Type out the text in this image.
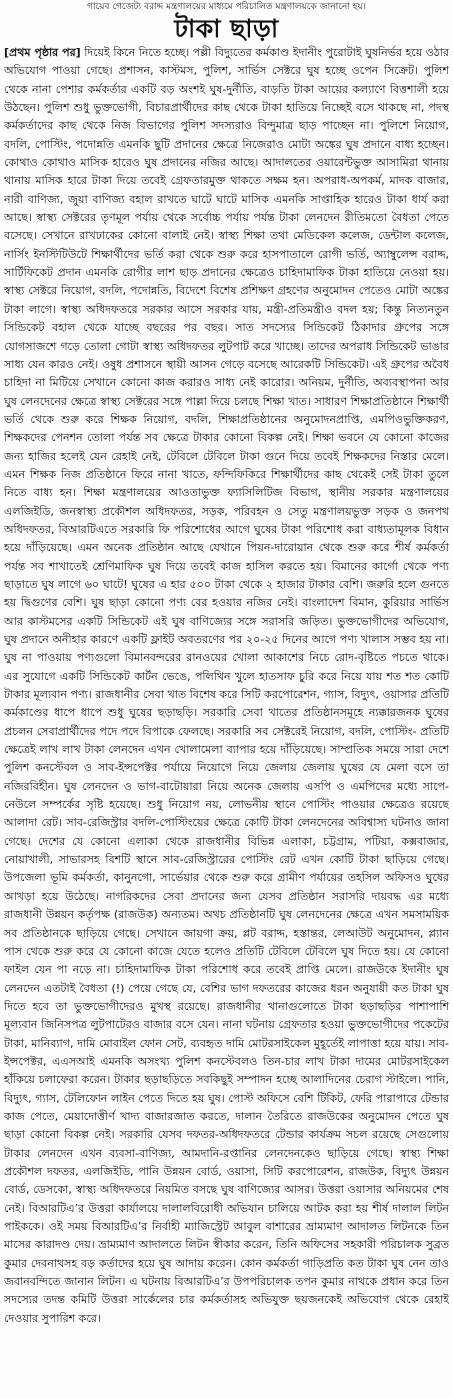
গায়েব গেজেট্য বরাদ্দ মন্ত্রণালয়ের মাধ্যমে পরিচালিত মন্ত্রণালয়কে জানানো হয়।
টাকা ছাড়া

[প্রথম পৃষ্ঠার পর] দিয়েই কিনে নিতে হচ্ছে। পল্লী বিদ্যুতের কর্মকাণ্ড ইদানীং পুরোটাই ঘুষনির্ভর হয়ে ওঠার অভিযোগ পাওয়া গেছে। প্রশাসন, কাস্টমস, পুলিশ, সার্ভিস সেক্টরে ঘুষ হচ্ছে ওপেন সিক্রেট। পুলিশ থেকে নানা পেশার কর্মকর্তার একটি বড় অংশই ঘুষ-দুর্নীতি, বাড়তি টাকা আয়ের কল্যাণে বিত্তশালী হয়ে উঠছেন। পুলিশ শুধু ভুক্তভোগী, বিচারপ্রার্থীদের কাছ থেকে টাকা হাতিয়ে নিচ্ছেই বসে থাকছে না, পদস্থ কর্মকর্তাদের কাছ থেকে নিজ বিভাগের পুলিশ সদস্যরাও বিন্দুমাত্র ছাড় পাচ্ছেন না। পুলিশে নিয়োগ, বদলি, পোস্টিং, পদোন্নতি এমনকি ছুটি প্রদানের ক্ষেত্রে নিজেরাও মোটা অঙ্কের ঘুষ প্রদানে বাধ্য হচ্ছেন। কোথাও কোথাও মাসিক হারেও ঘুষ প্রদানের নজির আছে। আদালতের ওয়ারেন্টভুক্ত আসামিরা থানায় থানায় মাসিক হারে টাকা দিয়ে তবেই গ্রেফতারমুক্ত থাকতে সক্ষম হন। অপরাধ-অপকর্ম, মাদক বাজার, নারী বাণিজ্য, জুয়া বাণিজ্য বহাল রাখতে ঘাটে ঘাটে মাসিক এমনকি সাপ্তাহিক হারেও টাকা ধার্য করা আছে। স্বাস্থ্য সেক্টরের তৃণমূল পর্যায় থেকে সর্বোচ্চ পর্যায় পর্যন্ত টাকা লেনদেন রীতিমতো বৈধতা পেতে বসেছে। সেখানে রাখঢাকের কোনো বালাই নেই। স্বাস্থ্য শিক্ষা তথা মেডিকেল কলেজ, ডেন্টাল কলেজ, নার্সিং ইনস্টিটিউটে শিক্ষার্থীদের ভর্তি করা থেকে শুরু করে হাসপাতালে রোগী ভর্তি, অ্যাম্বুলেন্স বরাদ্দ, সার্টিফিকেট প্রদান এমনকি রোগীর লাশ ছাড় প্রদানের ক্ষেত্রেও চাহিদামাফিক টাকা হাতিয়ে নেওয়া হয়। স্বাস্থ্য সেক্টরে নিয়োগ, বদলি, পদোন্নতি, বিদেশে বিশেষ প্রশিক্ষণ গ্রহণের অনুমোদন পেতেও মোটা অঙ্কের টাকা লাগে। স্বাস্থ্য অধিদফতরে সরকার আসে সরকার যায়, মন্ত্রী-প্রতিমন্ত্রীও বদল হয়; কিন্তু নিত্যনতুন সিন্ডিকেট বহাল থেকে যাচ্ছে বছরের পর বছর। সাত সদস্যের সিন্ডিকেট ঠিকাদার গ্রুপের সঙ্গে যোগসাজশে গড়ে তোলা গোটা স্বাস্থ্য অধিদফতর লুটপাট করে খাচ্ছে। তাদের অপরাধ সিন্ডিকেট ভাঙার সাধ্য যেন কারও নেই। ওষুধ প্রশাসনে স্থায়ী আসন গেড়ে বসেছে আরেকটি সিন্ডিকেট। এই গ্রুপের অবৈধ চাহিদা না মিটিয়ে সেখানে কোনো কাজ করারও সাধ্য নেই কারোর। অনিয়ম, দুর্নীতি, অব্যবস্থাপনা আর ঘুষ লেনদেনের ক্ষেত্রে স্বাস্থ্য সেক্টরের সঙ্গে পাল্লা দিয়ে চলছে শিক্ষা খাত। সাধারণ শিক্ষাপ্রতিষ্ঠানে শিক্ষার্থী ভর্তি থেকে শুরু করে শিক্ষক নিয়োগ, বদলি, শিক্ষাপ্রতিষ্ঠানের অনুমোদনপ্রাপ্তি, এমপিওভুক্তিকরণ, শিক্ষকদের পেনশন তোলা পর্যন্ত সব ক্ষেত্রে টাকার কোনো বিকল্প নেই। শিক্ষা ভবনে যে কোনো কাজের জন্য হাজির হলেই যেন রেহাই নেই, টেবিলে টেবিলে টাকা গুনে দিয়ে তবেই শিক্ষকদের নিস্তার মেলে। এমন শিক্ষক নিজ প্রতিষ্ঠানে ফিরে নানা খাতে, ফন্দিফিকিরে শিক্ষার্থীদের কাছ থেকেই সেই টাকা তুলে নিতে বাধ্য হন। শিক্ষা মন্ত্রণালয়ের আওতাভুক্ত ফ্যাসিলিটিজ বিভাগ, স্থানীয় সরকার মন্ত্রণালয়ের এলজিইডি, জনস্বাস্থ্য প্রকৌশল অধিদফতর, সড়ক, পরিবহন ও সেতু মন্ত্রণালয়ভুক্ত সড়ক ও জনপথ অধিদফতর, বিআরটিএতে সরকারি ফি পরিশোধের আগে ঘুষের টাকা পরিশোধ করা বাধ্যতামূলক বিধান হয়ে দাঁড়িয়েছে। এমন অনেক প্রতিষ্ঠান আছে যেখানে পিয়ন-দারোয়ান থেকে শুরু করে শীর্ষ কর্মকর্তা পর্যন্ত সব শাখাতেই শ্রেণিমাফিক ঘুষ দিয়ে তবেই কাজ হাসিল করতে হয়। বিমানের কার্গো থেকে পণ্য ছাড়াতে ঘুষ লাগে ৬০ ঘাটে! ঘুষের এ হার ৫০০ টাকা থেকে ২ হাজার টাকার বেশি। জরুরি হলে গুনতে হয় দ্বিগুণের বেশি। ঘুষ ছাড়া কোনো পণ্য বের হওয়ার নজির নেই। বাংলাদেশ বিমান, কুরিয়ার সার্ভিস আর কাস্টমসের একটি সিন্ডিকেট এই ঘুষ বাণিজ্যের সঙ্গে সরাসরি জড়িত। ভুক্তভোগীদের অভিযোগ, ঘুষ প্রদানে অনীহার কারণে একটি ফ্লাইট অবতরণের পর ২০-২৫ দিনের আগে পণ্য খালাস সম্ভব হয় না। ঘুষ না পাওয়ায় পণ্যগুলো বিমানবন্দরের রানওয়ের খোলা আকাশের নিচে রোদ-বৃষ্টিতে পচতে থাকে। এর সুযোগে একটি সিন্ডিকেট কার্টন ভেঙে, পলিথিন খুলে হাতসাফ চুরি করে নিয়ে যায় শত শত কোটি টাকার মূল্যবান পণ্য। রাজধানীর সেবা খাত বিশেষ করে সিটি করপোরেশন, গ্যাস, বিদ্যুৎ, ওয়াসার প্রতিটি কর্মকাণ্ডের ধাপে ধাপে শুধু ঘুষের ছড়াছড়ি। সরকারি সেবা খাতের প্রতিষ্ঠানসমূহে ন্যক্কারজনক ঘুষের প্রচলন সেবাপ্রার্থীদের পদে পদে বিপাকে ফেলছে। সরকারি সব সেক্টরেই নিয়োগ, বদলি, পোস্টিং- প্রতিটি ক্ষেত্রেই লাখ লাখ টাকা লেনদেন এখন খোলামেলা ব্যাপার হয়ে দাঁড়িয়েছে। সাম্প্রতিক সময়ে সারা দেশে পুলিশ কনস্টেবল ও সাব-ইন্সপেক্টর পর্যায়ে নিয়োগে নিয়ে জেলায় জেলায় ঘুষের যে মেলা বসে তা নজিরবিহীন। ঘুষ লেনদেন ও ভাগ-বাটোয়ারা নিয়ে অনেক জেলায় এসপি ও এমপিদের মধ্যে সাপে-নেউলে সম্পর্কের সৃষ্টি হয়েছে। শুধু নিয়োগ নয়, লোভনীয় স্থানে পোস্টিং পাওয়ার ক্ষেত্রেও রয়েছে আলাদা রেট। সাব-রেজিস্ট্রার বদলি-পোস্টিংয়ের ক্ষেত্রে কোটি টাকা লেনদেনের অবিশ্বাস্য ঘটনাও জানা গেছে। দেশের যে কোনো এলাকা থেকে রাজধানীর বিভিন্ন এলাকা, চট্টগ্রাম, পটিয়া, কক্সবাজার, নোয়াখালী, সাভারসহ বিশটি স্থানে সাব-রেজিস্ট্রারের পোস্টিং রেট এখন কোটি টাকা ছাড়িয়ে গেছে। উপজেলা ভূমি কর্মকর্তা, কানুনগো, সার্ভেয়ার থেকে শুরু করে গ্রামীণ পর্যায়ের তহসিল অফিসও ঘুষের আখড়া হয়ে উঠেছে। নাগরিকদের সেবা প্রদানের জন্য যেসব প্রতিষ্ঠান সরাসরি দায়বদ্ধ এর মধ্যে রাজধানী উন্নয়ন কর্তৃপক্ষ (রাজউক) অন্যতম। অথচ প্রতিষ্ঠানটি ঘুষ লেনদেনের ক্ষেত্রে এখন সমসাময়িক সব প্রতিষ্ঠানকে ছাড়িয়ে গেছে। সেখানে জায়গা ক্রয়, প্লট বরাদ্দ, হস্তান্তর, লেআউট অনুমোদন, প্ল্যান পাস থেকে শুরু করে যে কোনো কাজে যেতে হলেও প্রতিটি টেবিলে টেবিলে ঘুষ দিতে হয়। যে কোনো ফাইল যেন পা নড়ে না। চাহিদামাফিক টাকা পরিশোধ করে তবেই প্রাপ্তি মেলে। রাজউকে ইদানীং ঘুষ লেনদেন এতটাই বৈধতা (!) পেয়ে গেছে যে, বেশির ভাগ দফতরের কাজের ধরন অনুযায়ী কত টাকা ঘুষ দিতে হবে তা ভুক্তভোগীদেরও মুখস্থ রয়েছে। রাজধানীর থানাগুলোতে টাকা ছড়াছড়ির পাশাপাশি মূল্যবান জিনিসপত্র লুটপাটেরও বাজার বসে যেন। নানা ঘটনায় গ্রেফতার হওয়া ভুক্তভোগীদের পকেটের টাকা, মানিব্যাগ, দামি মোবাইল ফোন সেট, ব্যবহৃত দামি মোটরসাইকেল মুহূর্তেই লাপাত্তা হয়ে যায়। সাব-ইন্সপেক্টর, এএসআই এমনকি অসংখ্য পুলিশ কনস্টেবলও তিন-চার লাখ টাকা দামের মোটরসাইকেল হাঁকিয়ে চলাফেরা করেন। টাকার ছড়াছড়িতে সবকিছুই সম্পাদন হচ্ছে আলাদিনের চেরাগ স্টাইলে। পানি, বিদ্যুৎ, গ্যাস, টেলিফোন লাইন পেতে দিতে হয় ঘুষ। পোস্ট অফিসে বেশি টিকিট, ফেরি পারাপারে টেন্ডার কাজ পেতে, মেয়াদোত্তীর্ণ খাদ্য বাজারজাত করতে, দালান তৈরিতে রাজউকের অনুমোদন পেতে ঘুষ ছাড়া কোনো বিকল্প নেই। সরকারি যেসব দফতর-অধিদফতরে টেন্ডার কার্যক্রম সচল রয়েছে সেগুলোয় টাকার লেনদেন এখন ব্যবসা-বাণিজ্য, আমদানি-রপ্তানির লেনদেনকেও ছাড়িয়ে গেছে। স্বাস্থ্য শিক্ষা প্রকৌশল দফতর, এলজিইডি, পানি উন্নয়ন বোর্ড, ওয়াসা, সিটি করপোরেশন, রাজউক, বিদ্যুৎ উন্নয়ন বোর্ড, ডেসকো, স্বাস্থ্য অধিদফতরে নিয়মিত বসছে ঘুষ বাণিজ্যের আসর। উত্তরা ওয়াসার অনিয়মের শেষ নেই। বিআরটিএ’র উত্তরা কার্যালয়ে দালালবিরোধী অভিযান চালিয়ে আটক করা হয় শীর্ষ দালাল লিটন পাইককে। ওই সময় বিআরটিএ’র নির্বাহী ম্যাজিস্ট্রেট আবুল বাশারের ভ্রাম্যমাণ আদালত লিটনকে তিন মাসের কারাদণ্ড দেয়। ভ্রাম্যমাণ আদালতে লিটন স্বীকার করেন, তিনি অফিসের সহকারী পরিচালক সুব্রত কুমার দেবনাথসহ বড় কর্তাদের হয়ে ঘুষ আদায় করেন। কোন কর্মকর্তা গাড়িপ্রতি কত টাকা ঘুষ নেন তাও জবানবন্দিতে জানান লিটন। এ ঘটনায় বিআরটিএ’র উপপরিচালক তপন কুমার নাথকে প্রধান করে তিন সদস্যের তদন্ত কমিটি উত্তরা সার্কেলের চার কর্মকর্তাসহ অভিযুক্ত ছয়জনকেই অভিযোগ থেকে রেহাই দেওয়ার সুপারিশ করে।
